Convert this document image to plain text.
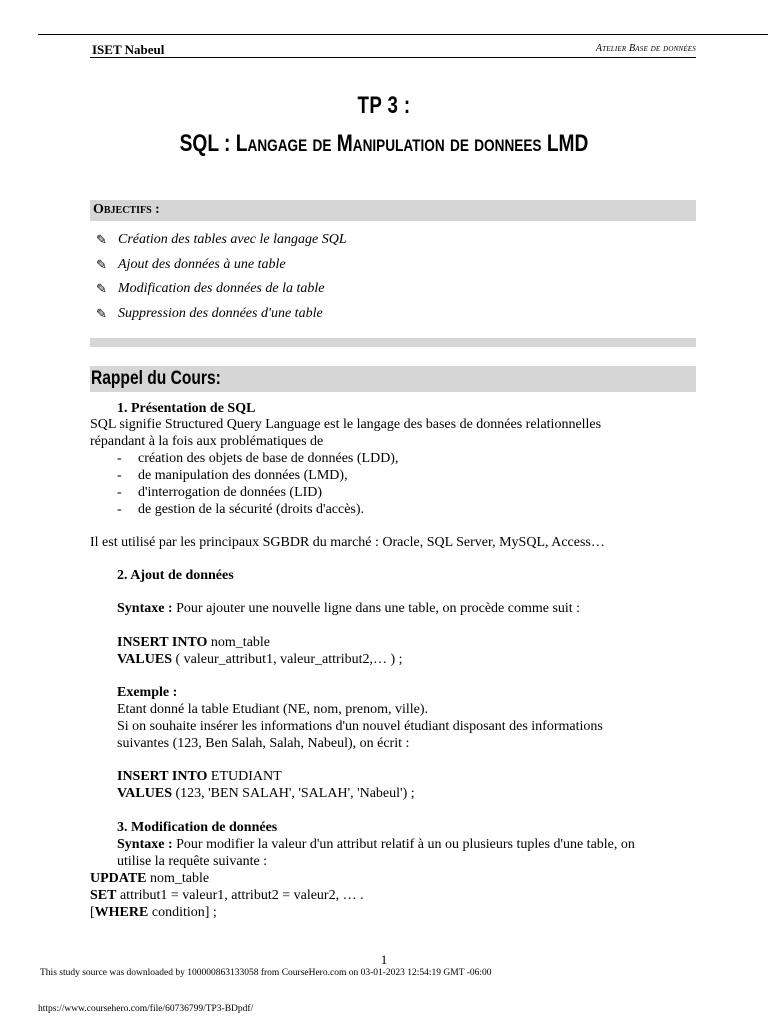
ISET Nabeul	Atelier Base de données
TP 3 :
SQL : Langage de Manipulation de donnees LMD
Objectifs :
✎ Création des tables avec le langage SQL
✎ Ajout des données à une table
✎ Modification des données de la table
✎ Suppression des données d'une table
Rappel du Cours:
1. Présentation de SQL
SQL signifie Structured Query Language est le langage des bases de données relationnelles
répandant à la fois aux problématiques de
- création des objets de base de données (LDD),
- de manipulation des données (LMD),
- d'interrogation de données (LID)
- de gestion de la sécurité (droits d'accès).
Il est utilisé par les principaux SGBDR du marché : Oracle, SQL Server, MySQL, Access…
2. Ajout de données
Syntaxe : Pour ajouter une nouvelle ligne dans une table, on procède comme suit :
INSERT INTO nom_table
VALUES ( valeur_attribut1, valeur_attribut2,… ) ;
Exemple :
Etant donné la table Etudiant (NE, nom, prenom, ville).
Si on souhaite insérer les informations d'un nouvel étudiant disposant des informations
suivantes (123, Ben Salah, Salah, Nabeul), on écrit :
INSERT INTO ETUDIANT
VALUES (123, 'BEN SALAH', 'SALAH', 'Nabeul') ;
3. Modification de données
Syntaxe : Pour modifier la valeur d'un attribut relatif à un ou plusieurs tuples d'une table, on
utilise la requête suivante :
UPDATE nom_table
SET attribut1 = valeur1, attribut2 = valeur2, … .
[WHERE condition] ;
1
This study source was downloaded by 100000863133058 from CourseHero.com on 03-01-2023 12:54:19 GMT -06:00
https://www.coursehero.com/file/60736799/TP3-BDpdf/
